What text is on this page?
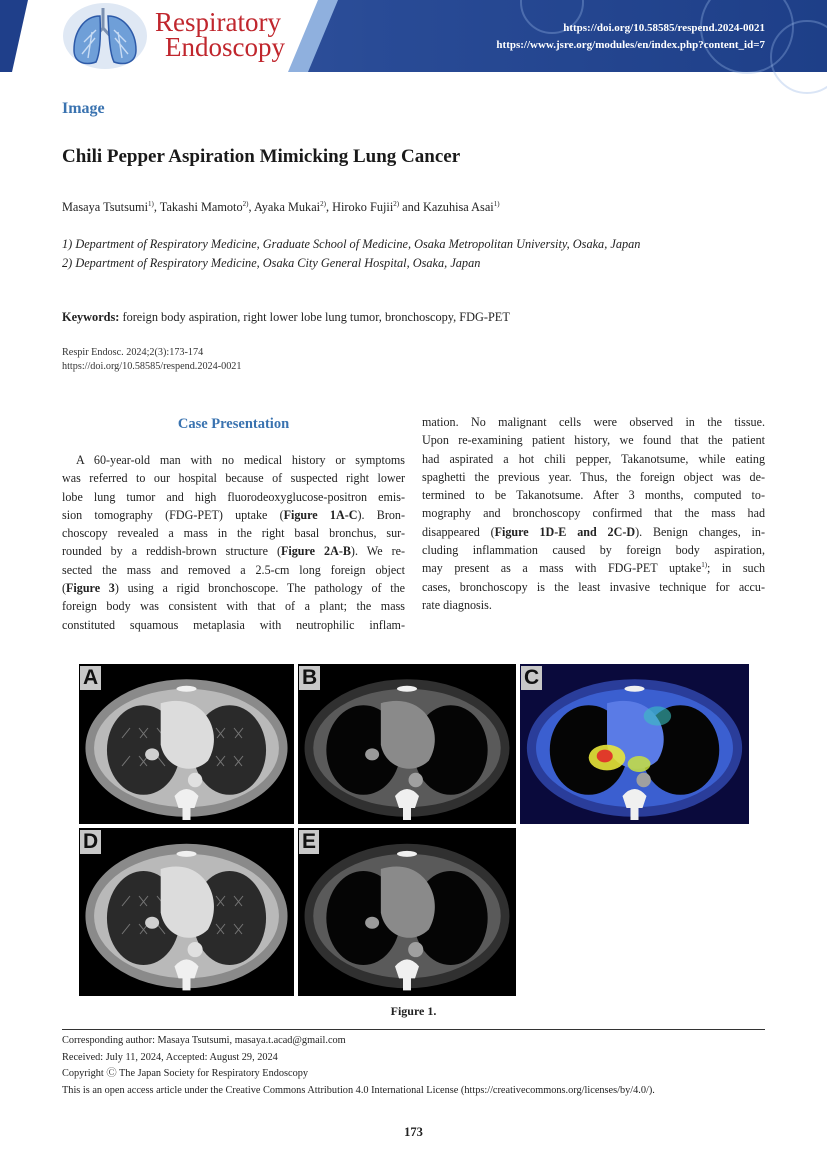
Respiratory
Endoscopy
https://doi.org/10.58585/respend.2024-0021
https://www.jsre.org/modules/en/index.php?content_id=7
Image
Chili Pepper Aspiration Mimicking Lung Cancer
Masaya Tsutsumi$^{1)}$, Takashi Mamoto$^{2)}$, Ayaka Mukai$^{2)}$, Hiroko Fujii$^{2)}$ and Kazuhisa Asai$^{1)}$
1) Department of Respiratory Medicine, Graduate School of Medicine, Osaka Metropolitan University, Osaka, Japan
2) Department of Respiratory Medicine, Osaka City General Hospital, Osaka, Japan
Keywords: foreign body aspiration, right lower lobe lung tumor, bronchoscopy, FDG-PET
Respir Endosc. 2024;2(3):173-174
https://doi.org/10.58585/respend.2024-0021
Case Presentation
A 60-year-old man with no medical history or symptoms
was referred to our hospital because of suspected right lower
lobe lung tumor and high fluorodeoxyglucose-positron emis-
sion tomography (FDG-PET) uptake (Figure 1A-C). Bron-
choscopy revealed a mass in the right basal bronchus, sur-
rounded by a reddish-brown structure (Figure 2A-B). We re-
sected the mass and removed a 2.5-cm long foreign object
(Figure 3) using a rigid bronchoscope. The pathology of the
foreign body was consistent with that of a plant; the mass
constituted squamous metaplasia with neutrophilic inflam-
mation. No malignant cells were observed in the tissue.
Upon re-examining patient history, we found that the patient
had aspirated a hot chili pepper, Takanotsume, while eating
spaghetti the previous year. Thus, the foreign object was de-
termined to be Takanotsume. After 3 months, computed to-
mography and bronchoscopy confirmed that the mass had
disappeared (Figure 1D-E and 2C-D). Benign changes, in-
cluding inflammation caused by foreign body aspiration,
may present as a mass with FDG-PET uptake$^{1)}$; in such
cases, bronchoscopy is the least invasive technique for accu-
rate diagnosis.
A	B	C
D	E
Figure 1.
Corresponding author: Masaya Tsutsumi, masaya.t.acad@gmail.com
Received: July 11, 2024, Accepted: August 29, 2024
Copyright Ⓒ The Japan Society for Respiratory Endoscopy
This is an open access article under the Creative Commons Attribution 4.0 International License (https://creativecommons.org/licenses/by/4.0/).
173
